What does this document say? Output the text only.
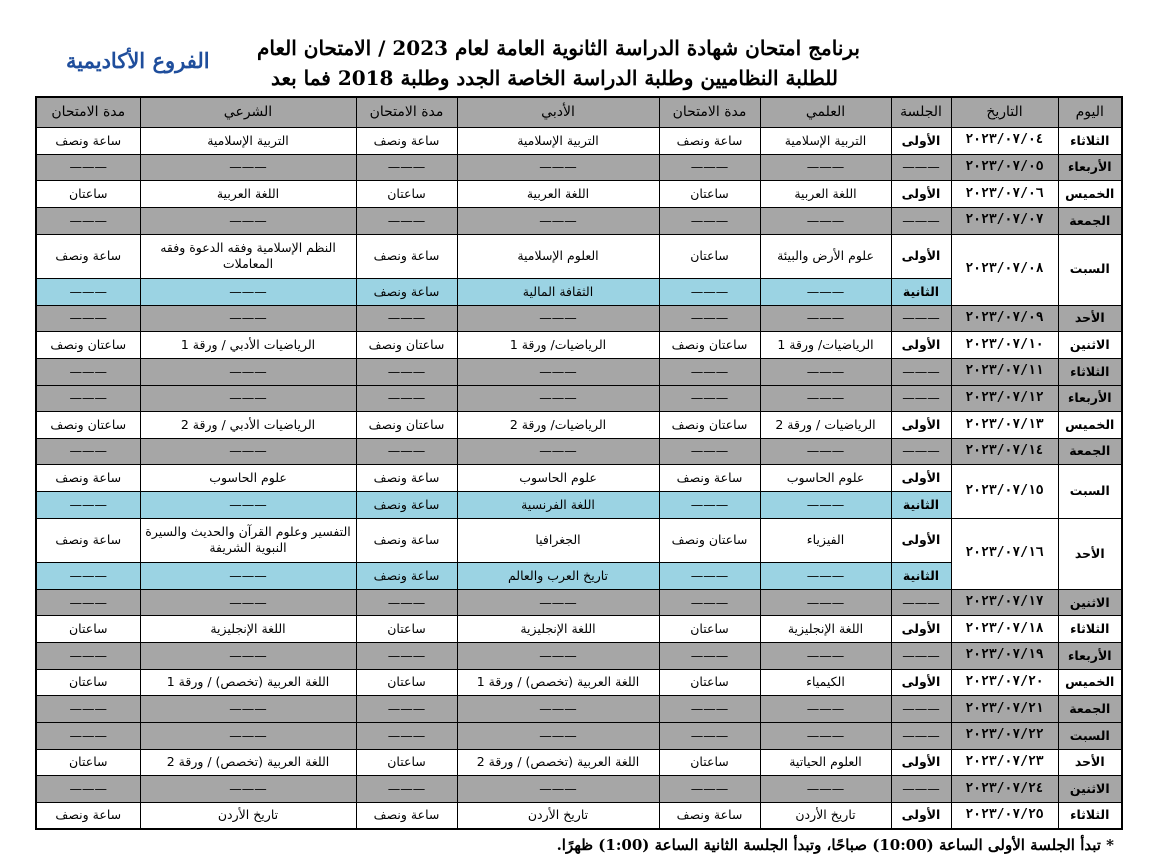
برنامج امتحان شهادة الدراسة الثانوية العامة لعام 2023 / الامتحان العام
للطلبة النظاميين وطلبة الدراسة الخاصة الجدد وطلبة 2018 فما بعد
الفروع الأكاديمية
اليوم	التاريخ	الجلسة	العلمي	مدة الامتحان	الأدبي	مدة الامتحان	الشرعي	مدة الامتحان
الثلاثاء	٢٠٢٣/٠٧/٠٤	الأولى	التربية الإسلامية	ساعة ونصف	التربية الإسلامية	ساعة ونصف	التربية الإسلامية	ساعة ونصف
الأربعاء	٢٠٢٣/٠٧/٠٥	———	———	———	———	———	———	———
الخميس	٢٠٢٣/٠٧/٠٦	الأولى	اللغة العربية	ساعتان	اللغة العربية	ساعتان	اللغة العربية	ساعتان
الجمعة	٢٠٢٣/٠٧/٠٧	———	———	———	———	———	———	———
السبت	٢٠٢٣/٠٧/٠٨	الأولى	علوم الأرض والبيئة	ساعتان	العلوم الإسلامية	ساعة ونصف	النظم الإسلامية وفقه الدعوة وفقه المعاملات	ساعة ونصف
		الثانية	———	———	الثقافة المالية	ساعة ونصف	———	———
الأحد	٢٠٢٣/٠٧/٠٩	———	———	———	———	———	———	———
الاثنين	٢٠٢٣/٠٧/١٠	الأولى	الرياضيات/ ورقة 1	ساعتان ونصف	الرياضيات/ ورقة 1	ساعتان ونصف	الرياضيات الأدبي / ورقة 1	ساعتان ونصف
الثلاثاء	٢٠٢٣/٠٧/١١	———	———	———	———	———	———	———
الأربعاء	٢٠٢٣/٠٧/١٢	———	———	———	———	———	———	———
الخميس	٢٠٢٣/٠٧/١٣	الأولى	الرياضيات / ورقة 2	ساعتان ونصف	الرياضيات/ ورقة 2	ساعتان ونصف	الرياضيات الأدبي / ورقة 2	ساعتان ونصف
الجمعة	٢٠٢٣/٠٧/١٤	———	———	———	———	———	———	———
السبت	٢٠٢٣/٠٧/١٥	الأولى	علوم الحاسوب	ساعة ونصف	علوم الحاسوب	ساعة ونصف	علوم الحاسوب	ساعة ونصف
		الثانية	———	———	اللغة الفرنسية	ساعة ونصف	———	———
الأحد	٢٠٢٣/٠٧/١٦	الأولى	الفيزياء	ساعتان ونصف	الجغرافيا	ساعة ونصف	التفسير وعلوم القرآن والحديث والسيرة النبوية الشريفة	ساعة ونصف
		الثانية	———	———	تاريخ العرب والعالم	ساعة ونصف	———	———
الاثنين	٢٠٢٣/٠٧/١٧	———	———	———	———	———	———	———
الثلاثاء	٢٠٢٣/٠٧/١٨	الأولى	اللغة الإنجليزية	ساعتان	اللغة الإنجليزية	ساعتان	اللغة الإنجليزية	ساعتان
الأربعاء	٢٠٢٣/٠٧/١٩	———	———	———	———	———	———	———
الخميس	٢٠٢٣/٠٧/٢٠	الأولى	الكيمياء	ساعتان	اللغة العربية (تخصص) / ورقة 1	ساعتان	اللغة العربية (تخصص) / ورقة 1	ساعتان
الجمعة	٢٠٢٣/٠٧/٢١	———	———	———	———	———	———	———
السبت	٢٠٢٣/٠٧/٢٢	———	———	———	———	———	———	———
الأحد	٢٠٢٣/٠٧/٢٣	الأولى	العلوم الحياتية	ساعتان	اللغة العربية (تخصص) / ورقة 2	ساعتان	اللغة العربية (تخصص) / ورقة 2	ساعتان
الاثنين	٢٠٢٣/٠٧/٢٤	———	———	———	———	———	———	———
الثلاثاء	٢٠٢٣/٠٧/٢٥	الأولى	تاريخ الأردن	ساعة ونصف	تاريخ الأردن	ساعة ونصف	تاريخ الأردن	ساعة ونصف
* تبدأ الجلسة الأولى الساعة (10:00) صباحًا، وتبدأ الجلسة الثانية الساعة (1:00) ظهرًا.
